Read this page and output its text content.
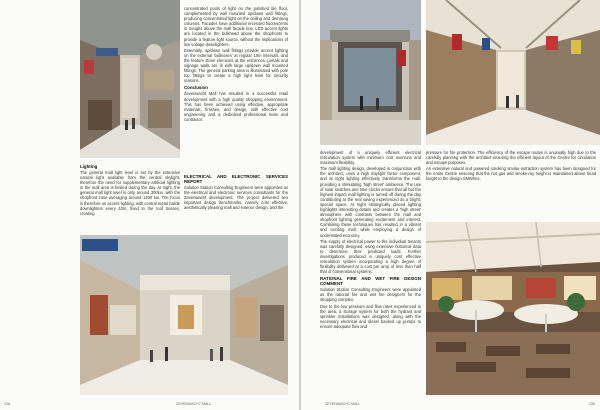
concentrated pools of light on the polished tile floor, complemented by wall mounted up/down wall fittings, producing concentrated light on the ceiling and demising columns. Facades have additional recessed fluorescents in troughs above the mall facade line. LED accent lights are located in the bulkhead above the shopfronts to provide a feature light source, without the implications of low voltage downlighters.

Externally, up/down wall fittings provide accent lighting on the external 'bullnoses' at regular 10m intervals, and the feature stone elements at the entrances, portals and signage walls are lit with large up/down wall mounted fittings. The general parking area is illuminated with pole top fittings to create a high light level for security reasons.

Conclusion

Zevenwacht Mall has resulted in a successful retail development with a high quality shopping environment. This has been achieved using effective, appropriate materials, finishes, and design, with effective cost engineering and a dedicated professional team and contractor.

Lighting

The general mall light level is set by the extensive natural light available from the central skylight, therefore the need for supplementary artificial lighting in the mall area is limited during the day. At night, the general mall light level is only around 300lux, with the shopfront zone averaging around 1200 lux. The focus is therefore on accent lighting, with central metal halide downlighters every 10m, fixed to the roof trusses, creating

ELECTRICAL AND ELECTRONIC SERVICES REPORT

Solution Station Consulting Engineers were appointed as the electrical and electronic services consultants for the Zevenwacht development. The project delivered two important design benchmarks, namely cost effective, aesthetically pleasing mall and exterior design, and the

238	ZEVENWACHT MALL

development of a uniquely efficient electrical reticulation system with minimum cost overruns and maximum flexibility.

The mall lighting design, developed in conjunction with the architect, uses a high daylight factor component, and at night lighting effectively transforms the mall, providing a stimulating 'high street' ambience. The use of solar switches and time clocks ensure that all but the highest impact mall lighting is turned off during the day contributing to the real saving experienced as a bright, special space. At night strategically placed lighting highlights interesting details and creates a 'high street' atmosphere with contrasts between the mall and shopfront lighting generating excitement and interest. Combining these techniques has resulted in a vibrant and exciting mall, while employing a design of understated economy.

The supply of electrical power to the individual tenants was carefully designed, using extensive historical data to determine their predicted loads. Further investigations produced a uniquely cost effective reticulation system incorporating a high degree of flexibility delivered at a cost per amp of less than half that of conventional systems.

RATIONAL FIRE AND WET FIRE DESIGN COMMENT

Solution Station Consulting Engineers were appointed as the rational fire and wet fire designers for the shopping complex.

Due to the low pressure and flow rates experienced in the area, a storage system for both the hydrant and sprinkler installations was designed, along with the necessary electrical and diesel backed up pumps to ensure adequate flow and

pressure for fire protection. The efficiency of the escape routes is unusually high due to the carefully planning with the architect ensuring the efficient layout of the Centre for circulation and escape purposes.

An extensive natural and powered smoking smoke extraction system has been designed for the entire Centre ensuring that the hot gas and smoke-ray height is maintained above head height to the design SMW/Ins.

ZEVENWACHT MALL	239
